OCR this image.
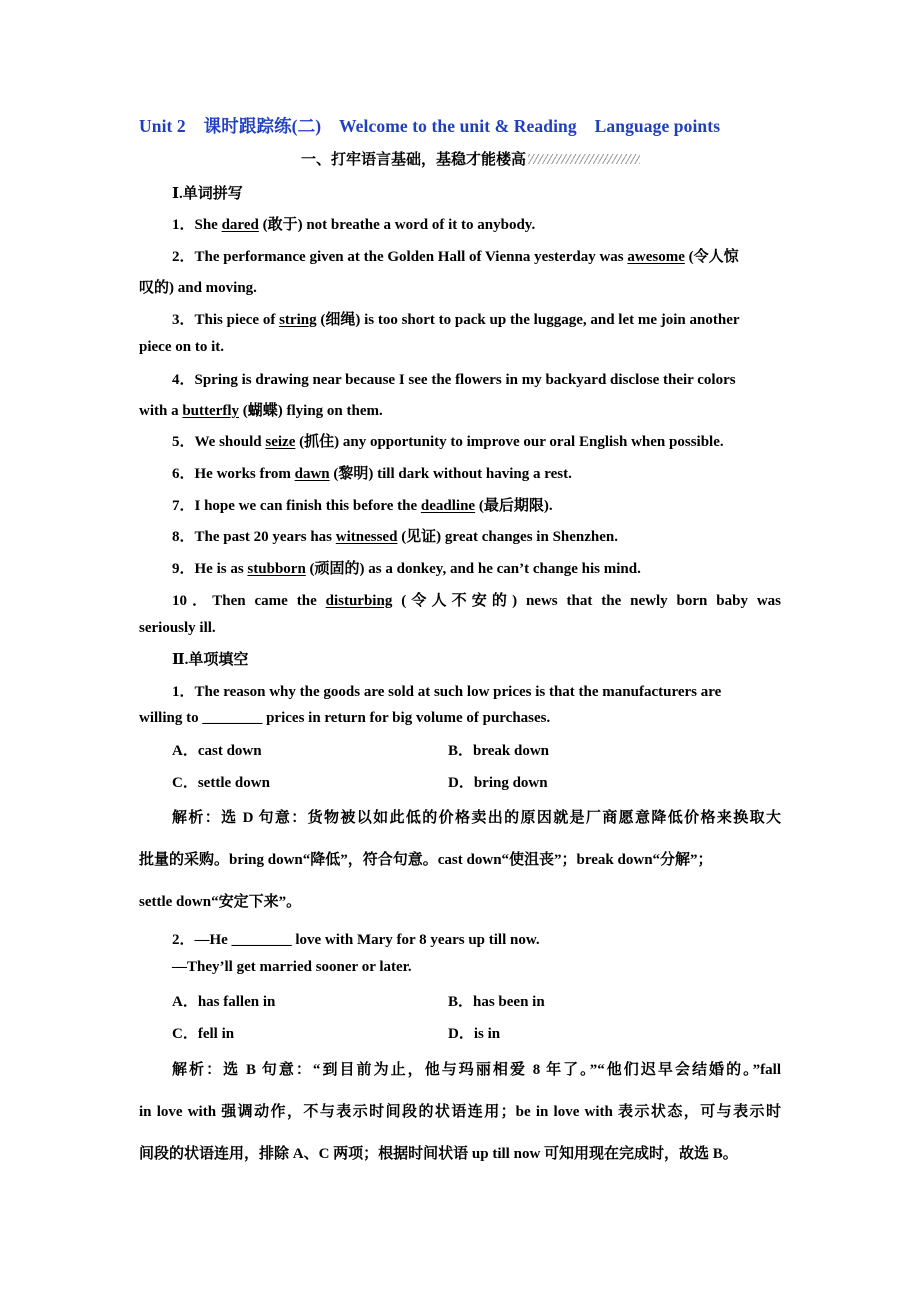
Unit 2    课时跟踪练(二)    Welcome to the unit & Reading    Language points
一、打牢语言基础，基稳才能楼高
Ⅰ.单词拼写
1．She dared (敢于) not breathe a word of it to anybody.
2．The performance given at the Golden Hall of Vienna yesterday was awesome (令人惊
叹的) and moving.
3．This piece of string (细绳) is too short to pack up the luggage, and let me join another
piece on to it.
4．Spring is drawing near because I see the flowers in my backyard disclose their colors
with a butterfly (蝴蝶) flying on them.
5．We should seize (抓住) any opportunity to improve our oral English when possible.
6．He works from dawn (黎明) till dark without having a rest.
7．I hope we can finish this before the deadline (最后期限).
8．The past 20 years has witnessed (见证) great changes in Shenzhen.
9．He is as stubborn (顽固的) as a donkey, and he can’t change his mind.
10．Then came the disturbing (令人不安的) news that the newly born baby was
seriously ill.
Ⅱ.单项填空
1．The reason why the goods are sold at such low prices is that the manufacturers are
willing to ________ prices in return for big volume of purchases.
A．cast down	B．break down
C．settle down	D．bring down
解析：选 D 句意：货物被以如此低的价格卖出的原因就是厂商愿意降低价格来换取大
批量的采购。bring down“降低”，符合句意。cast down“使沮丧”；break down“分解”；
settle down“安定下来”。
2．—He ________ love with Mary for 8 years up till now.
—They’ll get married sooner or later.
A．has fallen in	B．has been in
C．fell in	D．is in
解析：选 B 句意：“到目前为止，他与玛丽相爱 8 年了。”“他们迟早会结婚的。”fall
in love with 强调动作，不与表示时间段的状语连用；be in love with 表示状态，可与表示时
间段的状语连用，排除 A、C 两项；根据时间状语 up till now 可知用现在完成时，故选 B。
